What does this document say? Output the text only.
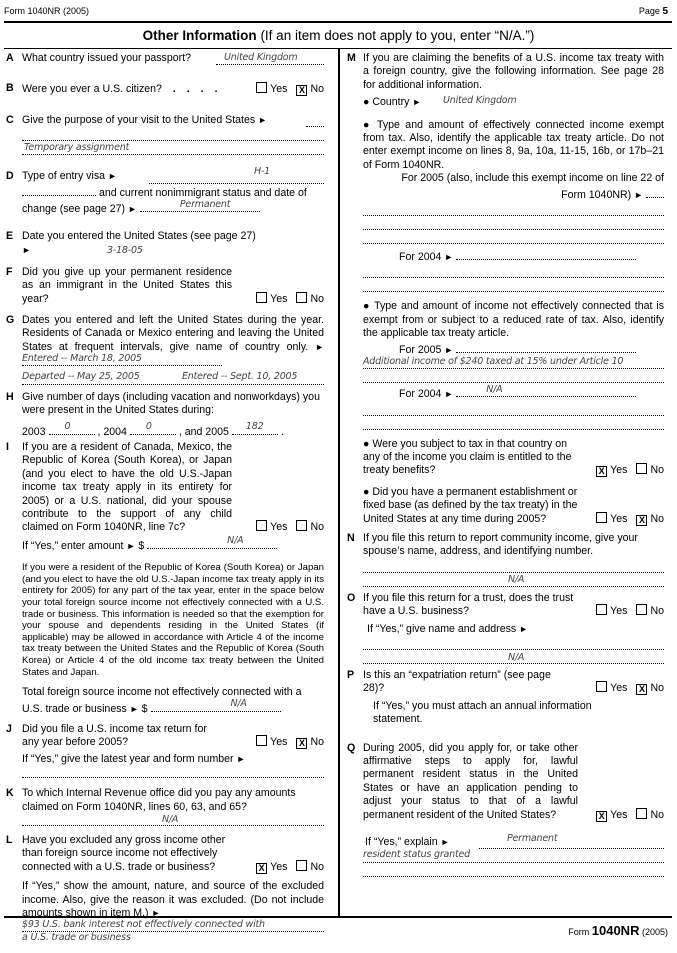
Form 1040NR (2005)	Page 5
Other Information (If an item does not apply to you, enter “N/A.”)
A What country issued your passport?	United Kingdom
B Were you ever a U.S. citizen? . . . .	Yes X No
C Give the purpose of your visit to the United States ►
Temporary assignment
D Type of entry visa ►	H-1
and current nonimmigrant status and date of change (see page 27) ►	Permanent
E Date you entered the United States (see page 27)
►	3-18-05
F Did you give up your permanent residence as an immigrant in the United States this year?	Yes No
G Dates you entered and left the United States during the year. Residents of Canada or Mexico entering and leaving the United States at frequent intervals, give name of country only. ►
Entered -- March 18, 2005
Departed -- May 25, 2005	Entered -- Sept. 10, 2005
H Give number of days (including vacation and nonworkdays) you were present in the United States during:
2003 0	, 2004 0	, and 2005 182 .
I If you are a resident of Canada, Mexico, the Republic of Korea (South Korea), or Japan (and you elect to have the old U.S.-Japan income tax treaty apply in its entirety for 2005) or a U.S. national, did your spouse contribute to the support of any child claimed on Form 1040NR, line 7c?	Yes No
If “Yes,” enter amount ► $	N/A
If you were a resident of the Republic of Korea (South Korea) or Japan (and you elect to have the old U.S.-Japan income tax treaty apply in its entirety for 2005) for any part of the tax year, enter in the space below your total foreign source income not effectively connected with a U.S. trade or business. This information is needed so that the exemption for your spouse and dependents residing in the United States (if applicable) may be allowed in accordance with Article 4 of the income tax treaty between the United States and the Republic of Korea (South Korea) or Article 4 of the old income tax treaty between the United States and Japan.
Total foreign source income not effectively connected with a U.S. trade or business ► $	N/A
J Did you file a U.S. income tax return for any year before 2005?	Yes X No
If “Yes,” give the latest year and form number ►
K To which Internal Revenue office did you pay any amounts claimed on Form 1040NR, lines 60, 63, and 65?
N/A
L Have you excluded any gross income other than foreign source income not effectively connected with a U.S. trade or business?	X Yes No
If “Yes,” show the amount, nature, and source of the excluded income. Also, give the reason it was excluded. (Do not include amounts shown in item M.) ►
$93 U.S. bank interest not effectively connected with
a U.S. trade or business
M If you are claiming the benefits of a U.S. income tax treaty with a foreign country, give the following information. See page 28 for additional information.
● Country ► United Kingdom
● Type and amount of effectively connected income exempt from tax. Also, identify the applicable tax treaty article. Do not enter exempt income on lines 8, 9a, 10a, 11-15, 16b, or 17b–21 of Form 1040NR.
For 2005 (also, include this exempt income on line 22 of Form 1040NR) ►
For 2004 ►
● Type and amount of income not effectively connected that is exempt from or subject to a reduced rate of tax. Also, identify the applicable tax treaty article.
For 2005 ►
Additional income of $240 taxed at 15% under Article 10
For 2004 ►	N/A
● Were you subject to tax in that country on any of the income you claim is entitled to the treaty benefits?	X Yes No
● Did you have a permanent establishment or fixed base (as defined by the tax treaty) in the United States at any time during 2005?	Yes X No
N If you file this return to report community income, give your spouse’s name, address, and identifying number.
N/A
O If you file this return for a trust, does the trust have a U.S. business?	Yes No
If “Yes,” give name and address ►
N/A
P Is this an “expatriation return” (see page 28)?	Yes X No
If “Yes,” you must attach an annual information statement.
Q During 2005, did you apply for, or take other affirmative steps to apply for, lawful permanent resident status in the United States or have an application pending to adjust your status to that of a lawful permanent resident of the United States?	X Yes No
If “Yes,” explain ►	Permanent
resident status granted
Form 1040NR (2005)
